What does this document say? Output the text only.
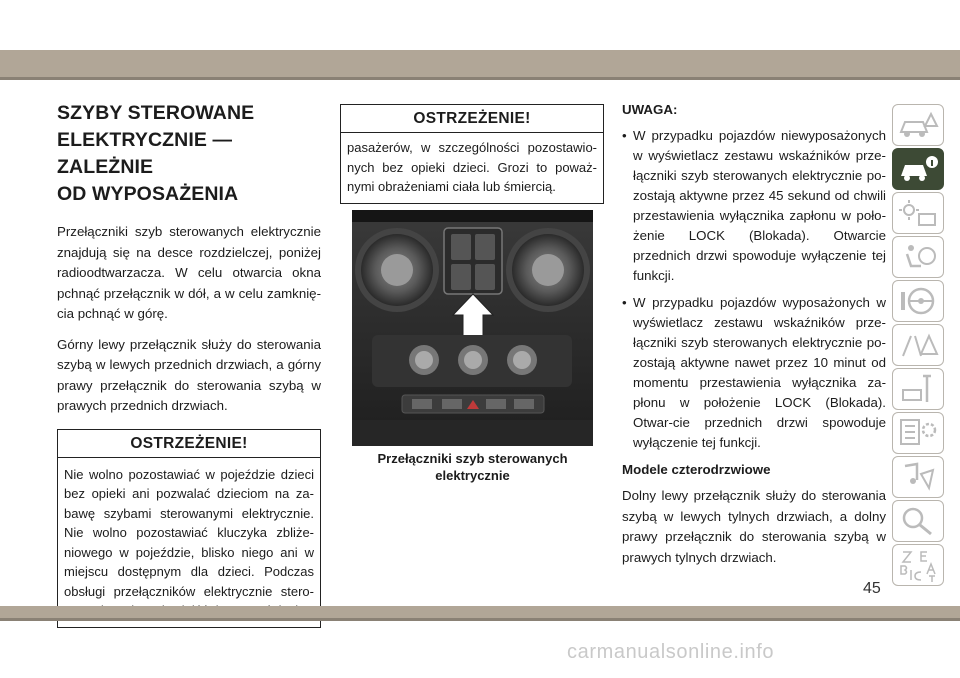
SZYBY STEROWANE
ELEKTRYCZNIE — ZALEŻNIE
OD WYPOSAŻENIA

Przełączniki szyb sterowanych elektrycznie znajdują się na desce rozdzielczej, poniżej radioodtwarzacza. W celu otwarcia okna pchnąć przełącznik w dół, a w celu zamknię-cia pchnąć w górę.

Górny lewy przełącznik służy do sterowania szybą w lewych przednich drzwiach, a górny prawy przełącznik do sterowania szybą w prawych przednich drzwiach.

OSTRZEŻENIE!
Nie wolno pozostawiać w pojeździe dzieci bez opieki ani pozwalać dzieciom na za-bawę szybami sterowanymi elektrycznie. Nie wolno pozostawiać kluczyka zbliże-niowego w pojeździe, blisko niego ani w miejscu dostępnym dla dzieci. Podczas obsługi przełączników elektrycznie stero-
OSTRZEŻENIE!
pasażerów, w szczególności pozostawio-nych bez opieki dzieci. Grozi to poważ-nymi obrażeniami ciała lub śmiercią.
Przełączniki szyb sterowanych
elektrycznie
UWAGA:
• W przypadku pojazdów niewyposażonych w wyświetlacz zestawu wskaźników prze-łączniki szyb sterowanych elektrycznie po-zostają aktywne przez 45 sekund od chwili przestawienia wyłącznika zapłonu w poło-żenie LOCK (Blokada). Otwarcie przednich drzwi spowoduje wyłączenie tej funkcji.
• W przypadku pojazdów wyposażonych w wyświetlacz zestawu wskaźników prze-łączniki szyb sterowanych elektrycznie po-zostają aktywne nawet przez 10 minut od momentu przestawienia wyłącznika za-płonu w położenie LOCK (Blokada). Otwar-cie przednich drzwi spowoduje wyłączenie tej funkcji.
Modele czterodrzwiowe

Dolny lewy przełącznik służy do sterowania szybą w lewych tylnych drzwiach, a dolny prawy przełącznik do sterowania szybą w prawych tylnych drzwiach.

45
carmanualsonline.info
